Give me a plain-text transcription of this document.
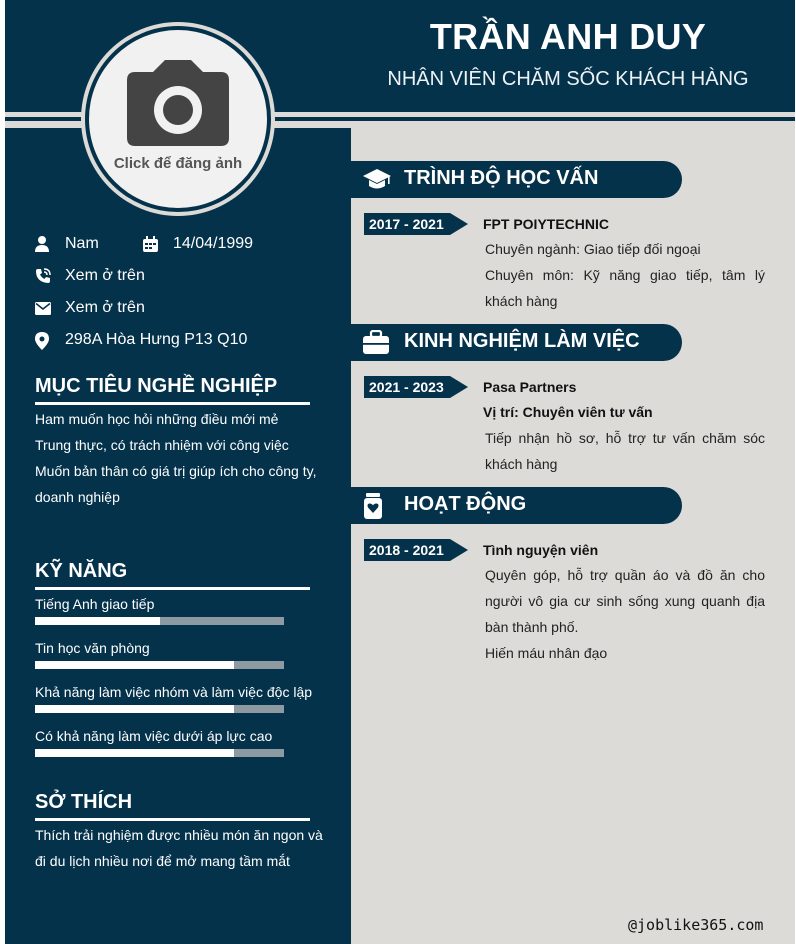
TRẦN ANH DUY
NHÂN VIÊN CHĂM SỐC KHÁCH HÀNG
Click để đăng ảnh
Nam	14/04/1999
Xem ở trên
Xem ở trên
298A Hòa Hưng P13 Q10
MỤC TIÊU NGHỀ NGHIỆP
Ham muốn học hỏi những điều mới mẻ
Trung thực, có trách nhiệm với công việc
Muốn bản thân có giá trị giúp ích cho công ty, doanh nghiệp
KỸ NĂNG
Tiếng Anh giao tiếp
Tin học văn phòng
Khả năng làm việc nhóm và làm việc độc lập
Có khả năng làm việc dưới áp lực cao
SỞ THÍCH
Thích trải nghiệm được nhiều món ăn ngon và đi du lịch nhiều nơi để mở mang tầm mắt
TRÌNH ĐỘ HỌC VẤN
2017 - 2021	FPT POIYTECHNIC
Chuyên ngành: Giao tiếp đối ngoại
Chuyên môn: Kỹ năng giao tiếp, tâm lý khách hàng
KINH NGHIỆM LÀM VIỆC
2021 - 2023	Pasa Partners
Vị trí: Chuyên viên tư vấn
Tiếp nhận hồ sơ, hỗ trợ tư vấn chăm sóc khách hàng
HOẠT ĐỘNG
2018 - 2021	Tình nguyện viên
Quyên góp, hỗ trợ quần áo và đồ ăn cho người vô gia cư sinh sống xung quanh địa bàn thành phố.
Hiến máu nhân đạo
@joblike365.com
